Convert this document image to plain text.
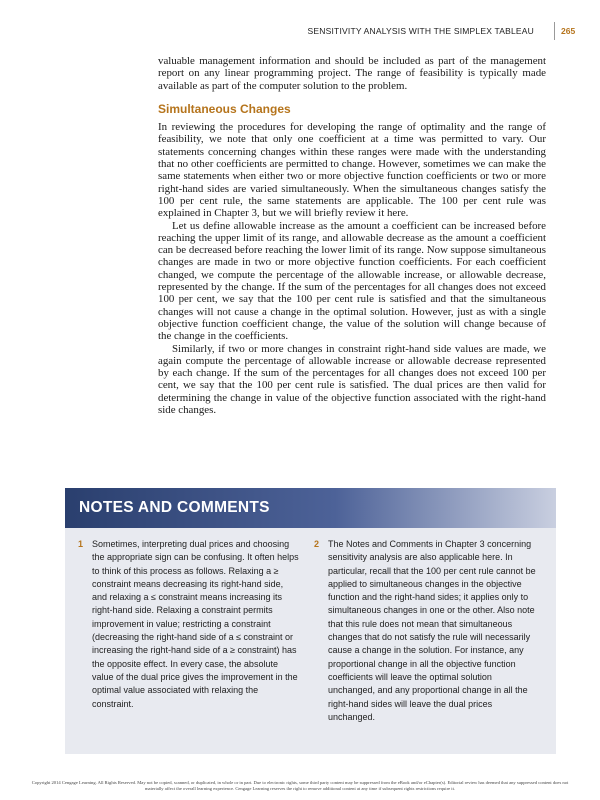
SENSITIVITY ANALYSIS WITH THE SIMPLEX TABLEAU	265

valuable management information and should be included as part of the management report on any linear programming project. The range of feasibility is typically made available as part of the computer solution to the problem.

Simultaneous Changes

In reviewing the procedures for developing the range of optimality and the range of feasibility, we note that only one coefficient at a time was permitted to vary. Our statements concerning changes within these ranges were made with the understanding that no other coefficients are permitted to change. However, sometimes we can make the same statements when either two or more objective function coefficients or two or more right-hand sides are varied simultaneously. When the simultaneous changes satisfy the 100 per cent rule, the same statements are applicable. The 100 per cent rule was explained in Chapter 3, but we will briefly review it here.

Let us define allowable increase as the amount a coefficient can be increased before reaching the upper limit of its range, and allowable decrease as the amount a coefficient can be decreased before reaching the lower limit of its range. Now suppose simultaneous changes are made in two or more objective function coefficients. For each coefficient changed, we compute the percentage of the allowable increase, or allowable decrease, represented by the change. If the sum of the percentages for all changes does not exceed 100 per cent, we say that the 100 per cent rule is satisfied and that the simultaneous changes will not cause a change in the optimal solution. However, just as with a single objective function coefficient change, the value of the solution will change because of the change in the coefficients.

Similarly, if two or more changes in constraint right-hand side values are made, we again compute the percentage of allowable increase or allowable decrease represented by each change. If the sum of the percentages for all changes does not exceed 100 per cent, we say that the 100 per cent rule is satisfied. The dual prices are then valid for determining the change in value of the objective function associated with the right-hand side changes.

NOTES AND COMMENTS
1 Sometimes, interpreting dual prices and choosing the appropriate sign can be confusing. It often helps to think of this process as follows. Relaxing a ≥ constraint means decreasing its right-hand side, and relaxing a ≤ constraint means increasing its right-hand side. Relaxing a constraint permits improvement in value; restricting a constraint (decreasing the right-hand side of a ≤ constraint or increasing the right-hand side of a ≥ constraint) has the opposite effect. In every case, the absolute value of the dual price gives the improvement in the optimal value associated with relaxing the constraint.
2 The Notes and Comments in Chapter 3 concerning sensitivity analysis are also applicable here. In particular, recall that the 100 per cent rule cannot be applied to simultaneous changes in the objective function and the right-hand sides; it applies only to simultaneous changes in one or the other. Also note that this rule does not mean that simultaneous changes that do not satisfy the rule will necessarily cause a change in the solution. For instance, any proportional change in all the objective function coefficients will leave the optimal solution unchanged, and any proportional change in all the right-hand sides will leave the dual prices unchanged.
Copyright 2014 Cengage Learning. All Rights Reserved. May not be copied, scanned, or duplicated, in whole or in part. Due to electronic rights, some third party content may be suppressed from the eBook and/or eChapter(s). Editorial review has deemed that any suppressed content does not materially affect the overall learning experience. Cengage Learning reserves the right to remove additional content at any time if subsequent rights restrictions require it.
